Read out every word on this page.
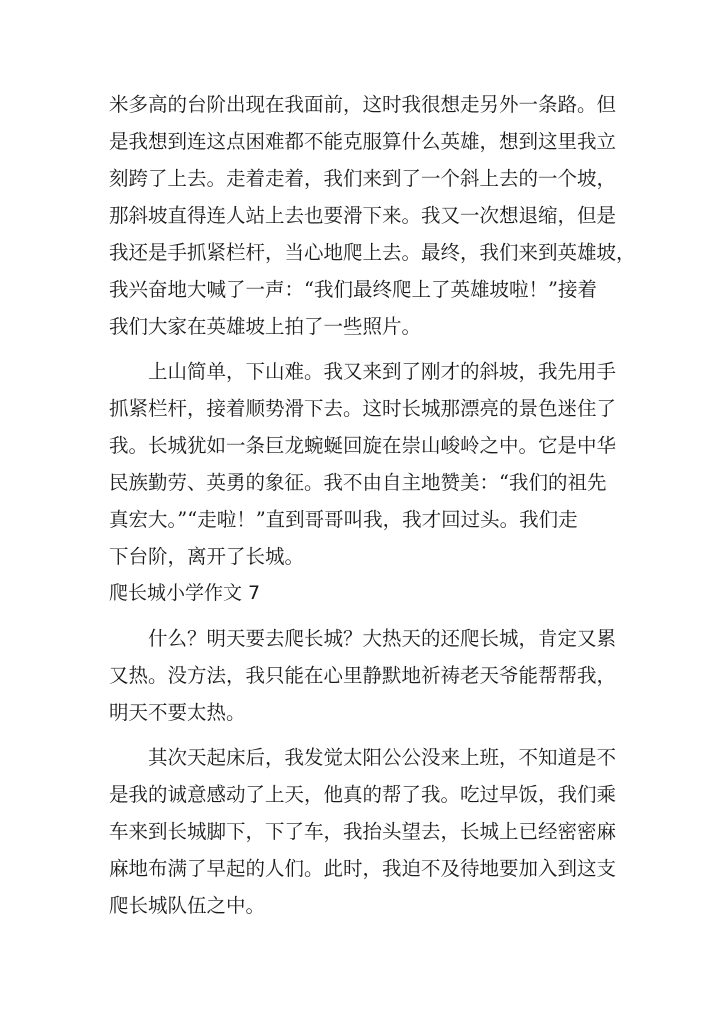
米多高的台阶出现在我面前，这时我很想走另外一条路。但
是我想到连这点困难都不能克服算什么英雄，想到这里我立
刻跨了上去。走着走着，我们来到了一个斜上去的一个坡，
那斜坡直得连人站上去也要滑下来。我又一次想退缩，但是
我还是手抓紧栏杆，当心地爬上去。最终，我们来到英雄坡，
我兴奋地大喊了一声：“我们最终爬上了英雄坡啦！”接着
我们大家在英雄坡上拍了一些照片。
上山简单，下山难。我又来到了刚才的斜坡，我先用手
抓紧栏杆，接着顺势滑下去。这时长城那漂亮的景色迷住了
我。长城犹如一条巨龙蜿蜒回旋在崇山峻岭之中。它是中华
民族勤劳、英勇的象征。我不由自主地赞美：“我们的祖先
真宏大。”“走啦！”直到哥哥叫我，我才回过头。我们走
下台阶，离开了长城。
爬长城小学作文 7
什么？明天要去爬长城？大热天的还爬长城，肯定又累
又热。没方法，我只能在心里静默地祈祷老天爷能帮帮我，
明天不要太热。
其次天起床后，我发觉太阳公公没来上班，不知道是不
是我的诚意感动了上天，他真的帮了我。吃过早饭，我们乘
车来到长城脚下，下了车，我抬头望去，长城上已经密密麻
麻地布满了早起的人们。此时，我迫不及待地要加入到这支
爬长城队伍之中。
